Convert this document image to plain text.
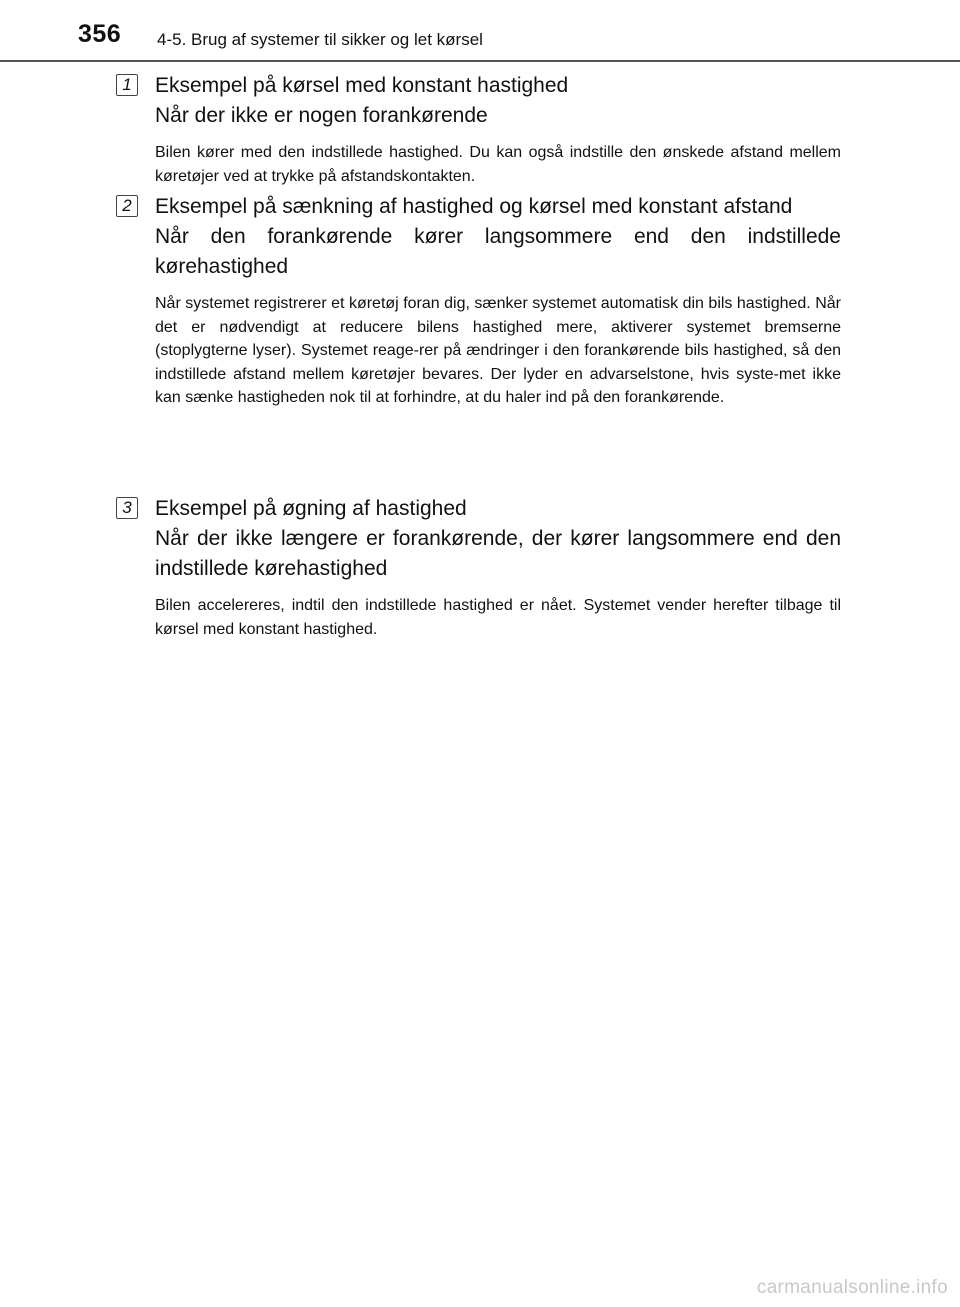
356 4-5. Brug af systemer til sikker og let kørsel
1 Eksempel på kørsel med konstant hastighed

Når der ikke er nogen forankørende

Bilen kører med den indstillede hastighed. Du kan også indstille den ønskede afstand mellem køretøjer ved at trykke på afstandskontakten.

2 Eksempel på sænkning af hastighed og kørsel med konstant afstand

Når den forankørende kører langsommere end den indstillede kørehastighed

Når systemet registrerer et køretøj foran dig, sænker systemet automatisk din bils hastighed. Når det er nødvendigt at reducere bilens hastighed mere, aktiverer systemet bremserne (stoplygterne lyser). Systemet reage-rer på ændringer i den forankørende bils hastighed, så den indstillede afstand mellem køretøjer bevares. Der lyder en advarselstone, hvis syste-met ikke kan sænke hastigheden nok til at forhindre, at du haler ind på den forankørende.

3 Eksempel på øgning af hastighed

Når der ikke længere er forankørende, der kører langsommere end den indstillede kørehastighed

Bilen accelereres, indtil den indstillede hastighed er nået. Systemet vender herefter tilbage til kørsel med konstant hastighed.

carmanualsonline.info
